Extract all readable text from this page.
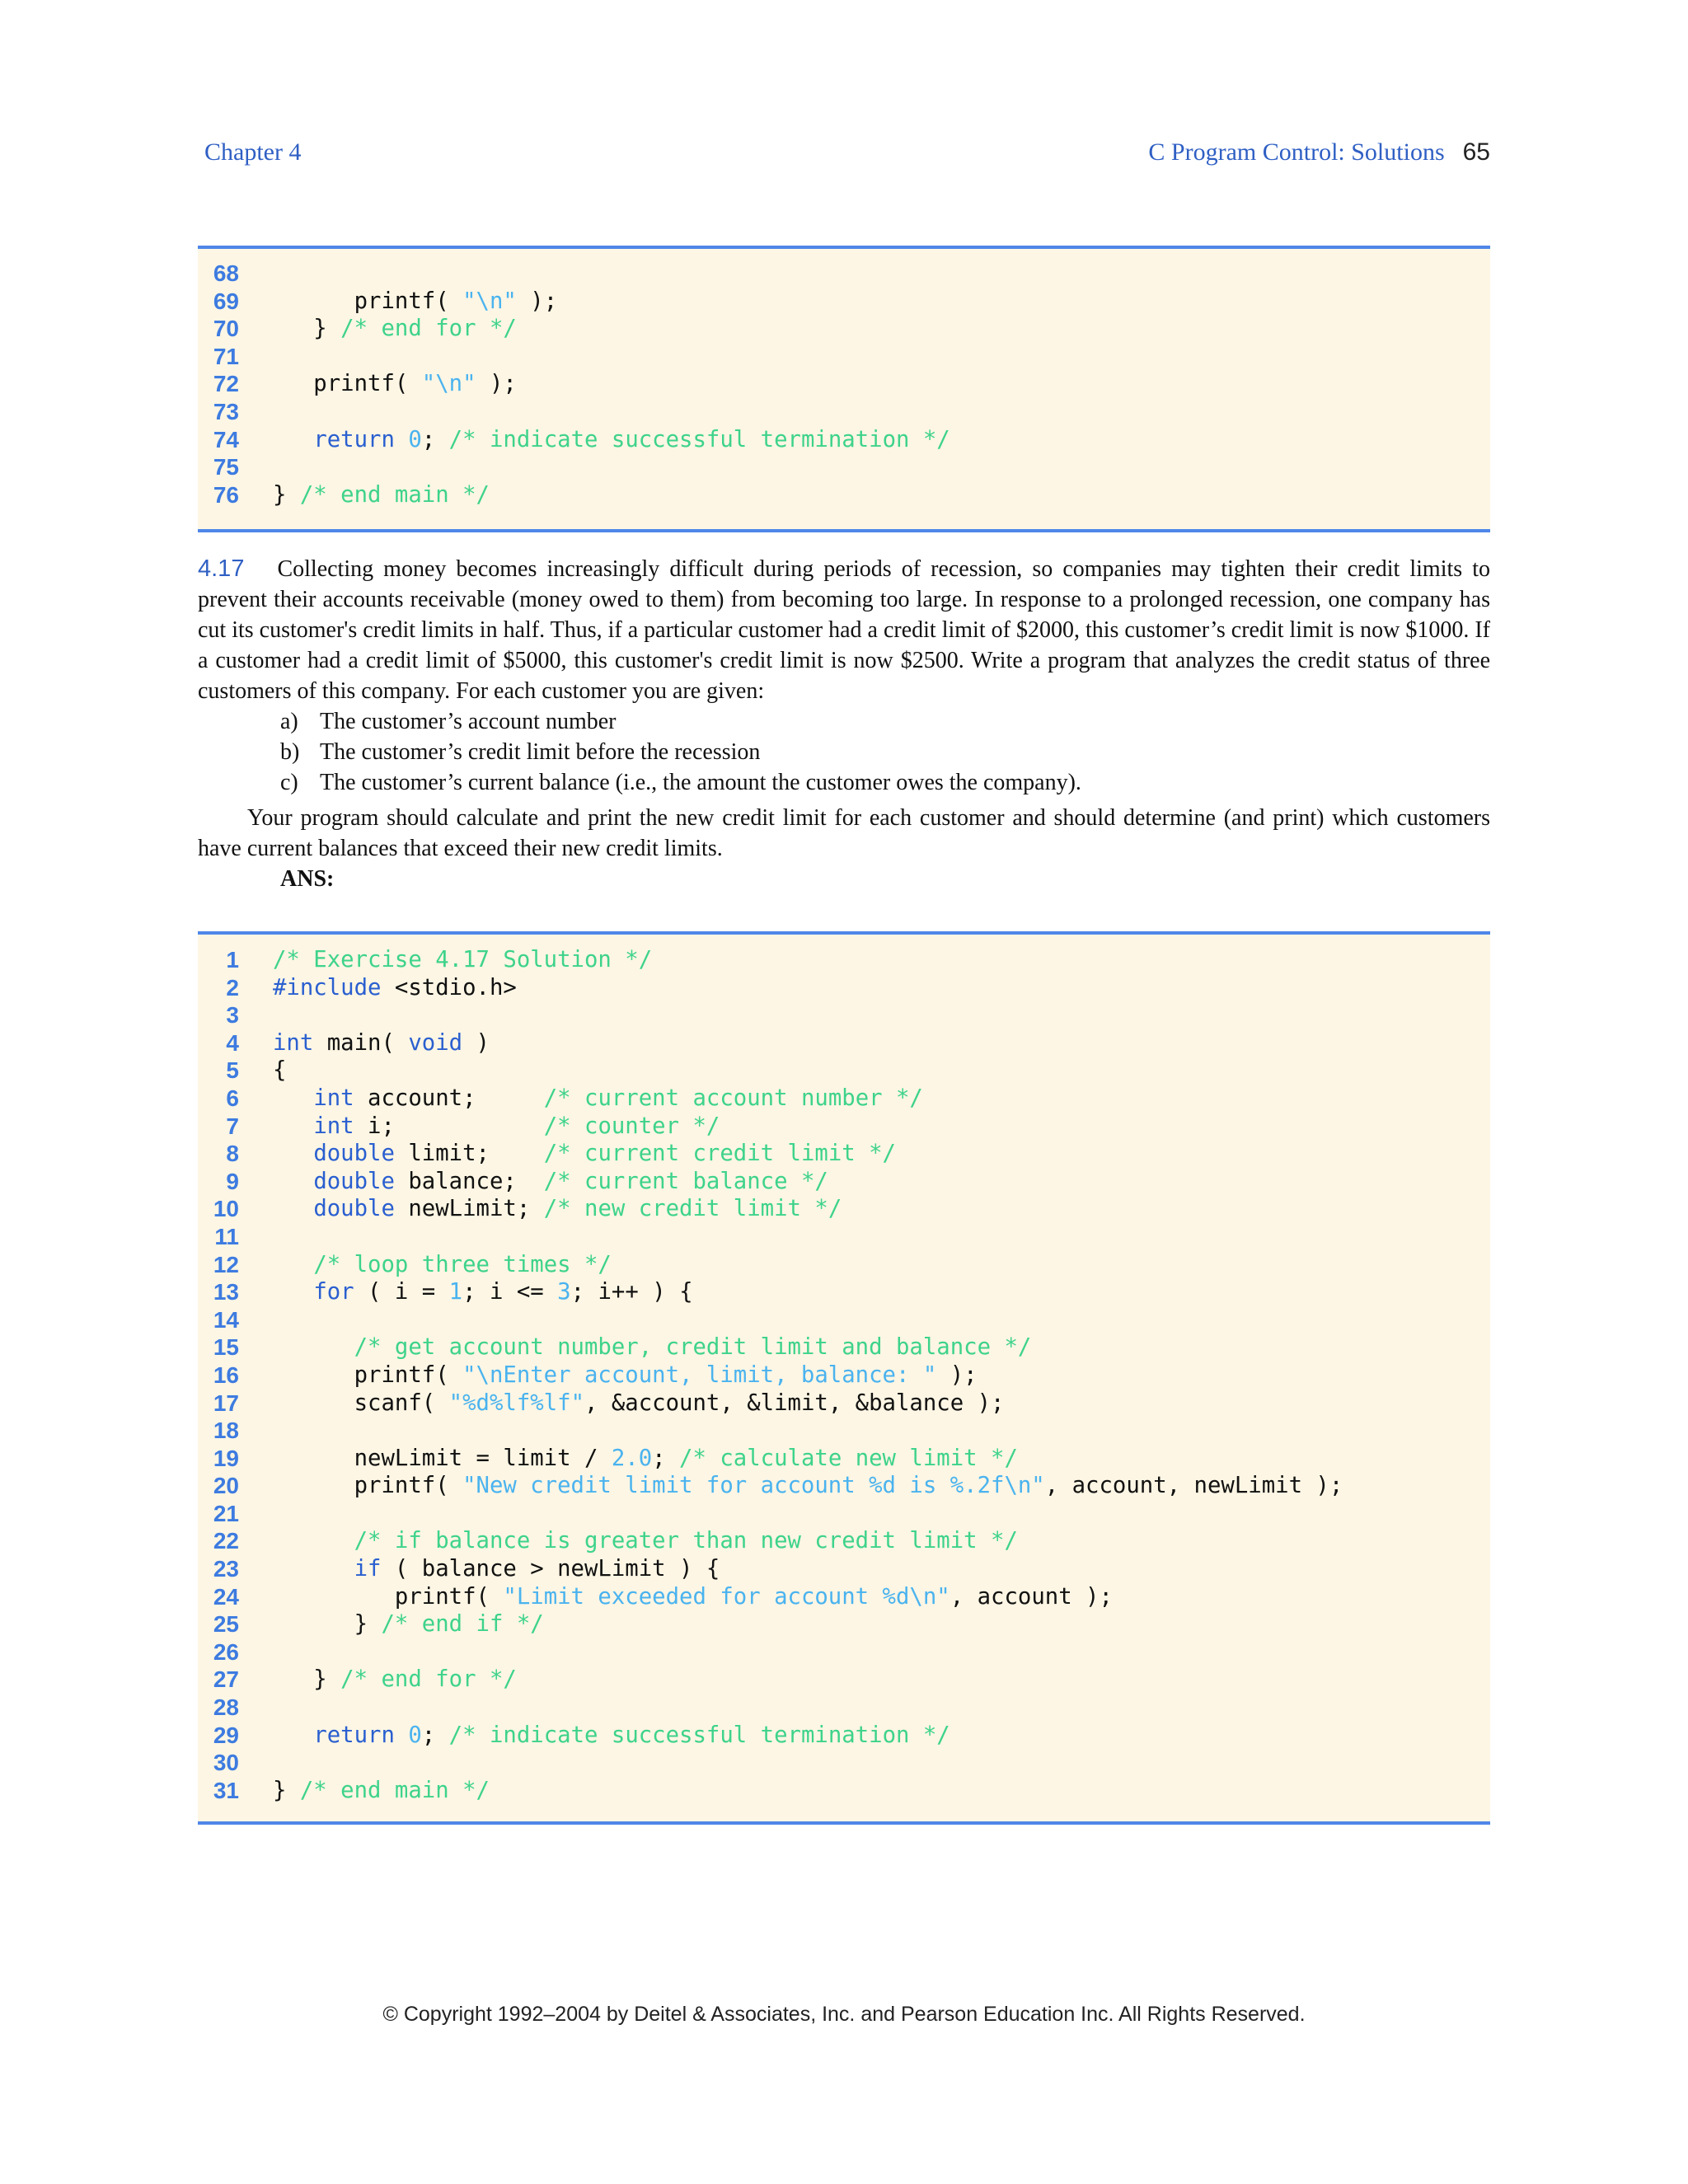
Chapter 4	C Program Control: Solutions 65
68
69 printf( "\n" );
70 } /* end for */
71
72 printf( "\n" );
73
74	return 0; /* indicate successful termination */
75
76 } /* end main */

4.17 Collecting money becomes increasingly difficult during periods of recession, so companies may tighten their credit limits to prevent their accounts receivable (money owed to them) from becoming too large. In response to a prolonged recession, one company has cut its customer's credit limits in half. Thus, if a particular customer had a credit limit of $2000, this customer’s credit limit is now $1000. If a customer had a credit limit of $5000, this customer's credit limit is now $2500. Write a program that analyzes the credit status of three customers of this company. For each customer you are given:

a) The customer’s account number
b) The customer’s credit limit before the recession
c) The customer’s current balance (i.e., the amount the customer owes the company).

Your program should calculate and print the new credit limit for each customer and should determine (and print) which customers have current balances that exceed their new credit limits.

ANS:

1 /* Exercise 4.17 Solution */
2 #include <stdio.h>
3
4 int main( void )
5 {
6	int account;     /* current account number */
7	int i;           /* counter */
8	double limit;    /* current credit limit */
9	double balance;  /* current balance */
10	double newLimit; /* new credit limit */
11
12	/* loop three times */
13	for ( i = 1; i <= 3; i++ ) {
14
15	/* get account number, credit limit and balance */
16 printf( "\nEnter account, limit, balance: " );
17 scanf( "%d%lf%lf", &account, &limit, &balance );
18
19 newLimit = limit / 2.0; /* calculate new limit */
20 printf( "New credit limit for account %d is %.2f\n", account, newLimit );
21
22	/* if balance is greater than new credit limit */
23	if ( balance > newLimit ) {
24 printf( "Limit exceeded for account %d\n", account );
25 } /* end if */
26
27 } /* end for */
28
29	return 0; /* indicate successful termination */
30
31 } /* end main */
© Copyright 1992–2004 by Deitel & Associates, Inc. and Pearson Education Inc. All Rights Reserved.
